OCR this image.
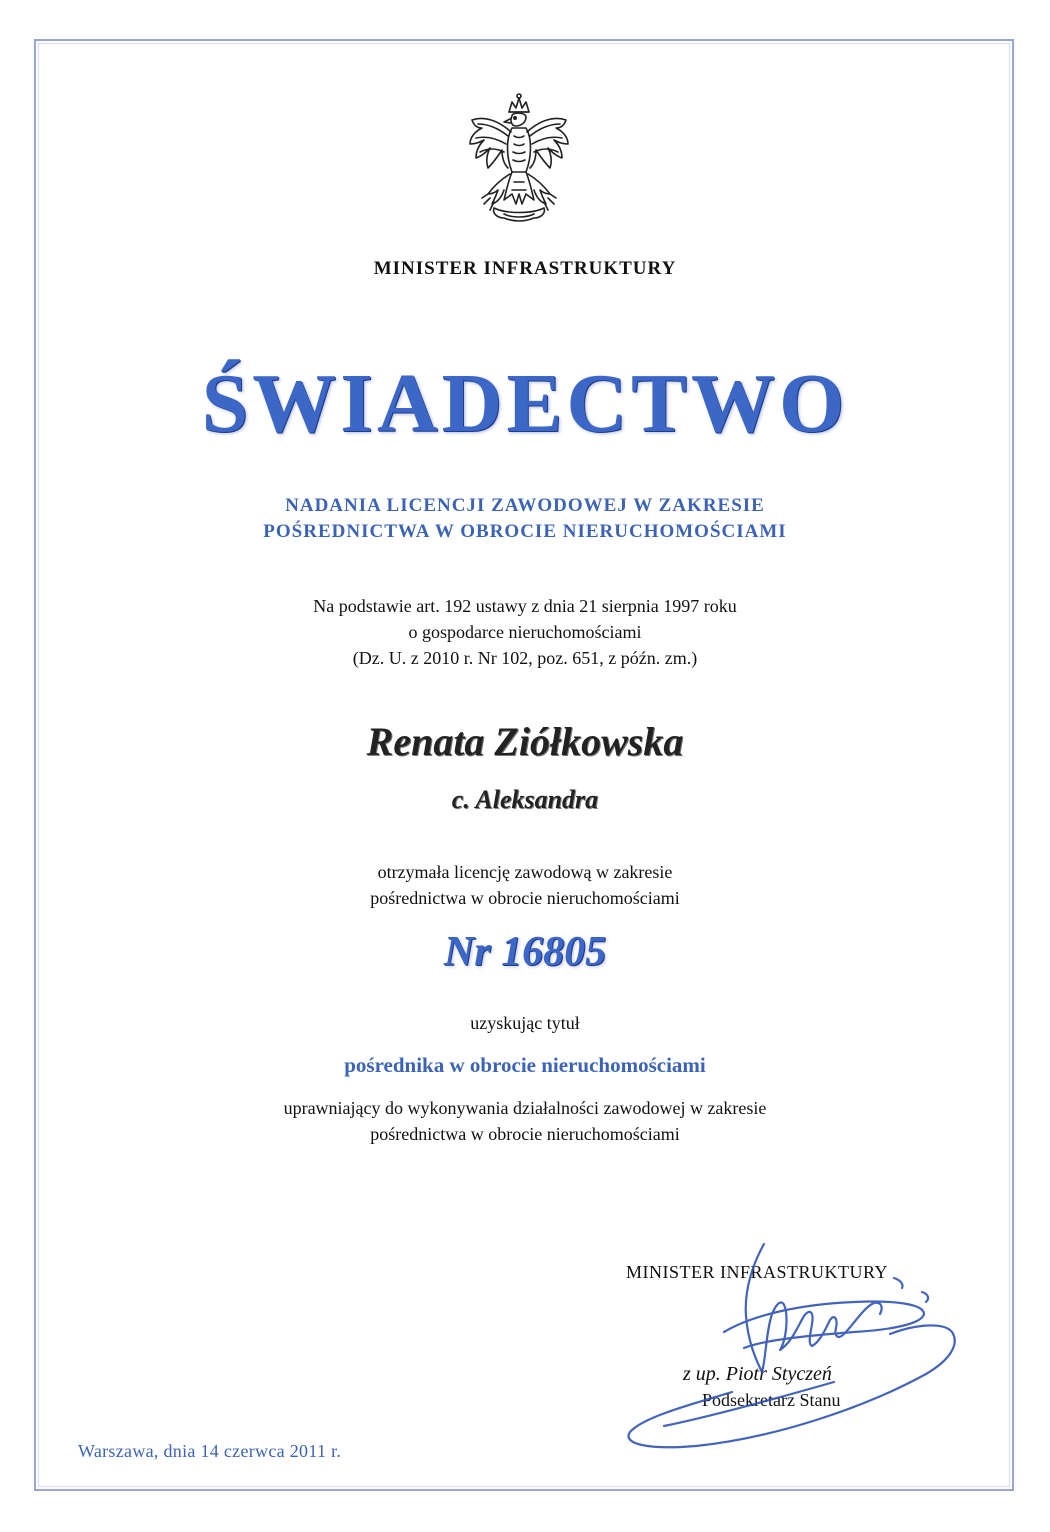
MINISTER INFRASTRUKTURY
ŚWIADECTWO
NADANIA LICENCJI ZAWODOWEJ W ZAKRESIE
POŚREDNICTWA W OBROCIE NIERUCHOMOŚCIAMI
Na podstawie art. 192 ustawy z dnia 21 sierpnia 1997 roku
o gospodarce nieruchomościami
(Dz. U. z 2010 r. Nr 102, poz. 651, z późn. zm.)
Renata Ziółkowska
c. Aleksandra
otrzymała licencję zawodową w zakresie
pośrednictwa w obrocie nieruchomościami
Nr 16805
uzyskując tytuł
pośrednika w obrocie nieruchomościami
uprawniający do wykonywania działalności zawodowej w zakresie
pośrednictwa w obrocie nieruchomościami
MINISTER INFRASTRUKTURY
z up. Piotr Styczeń
Podsekretarz Stanu
Warszawa, dnia 14 czerwca 2011 r.
